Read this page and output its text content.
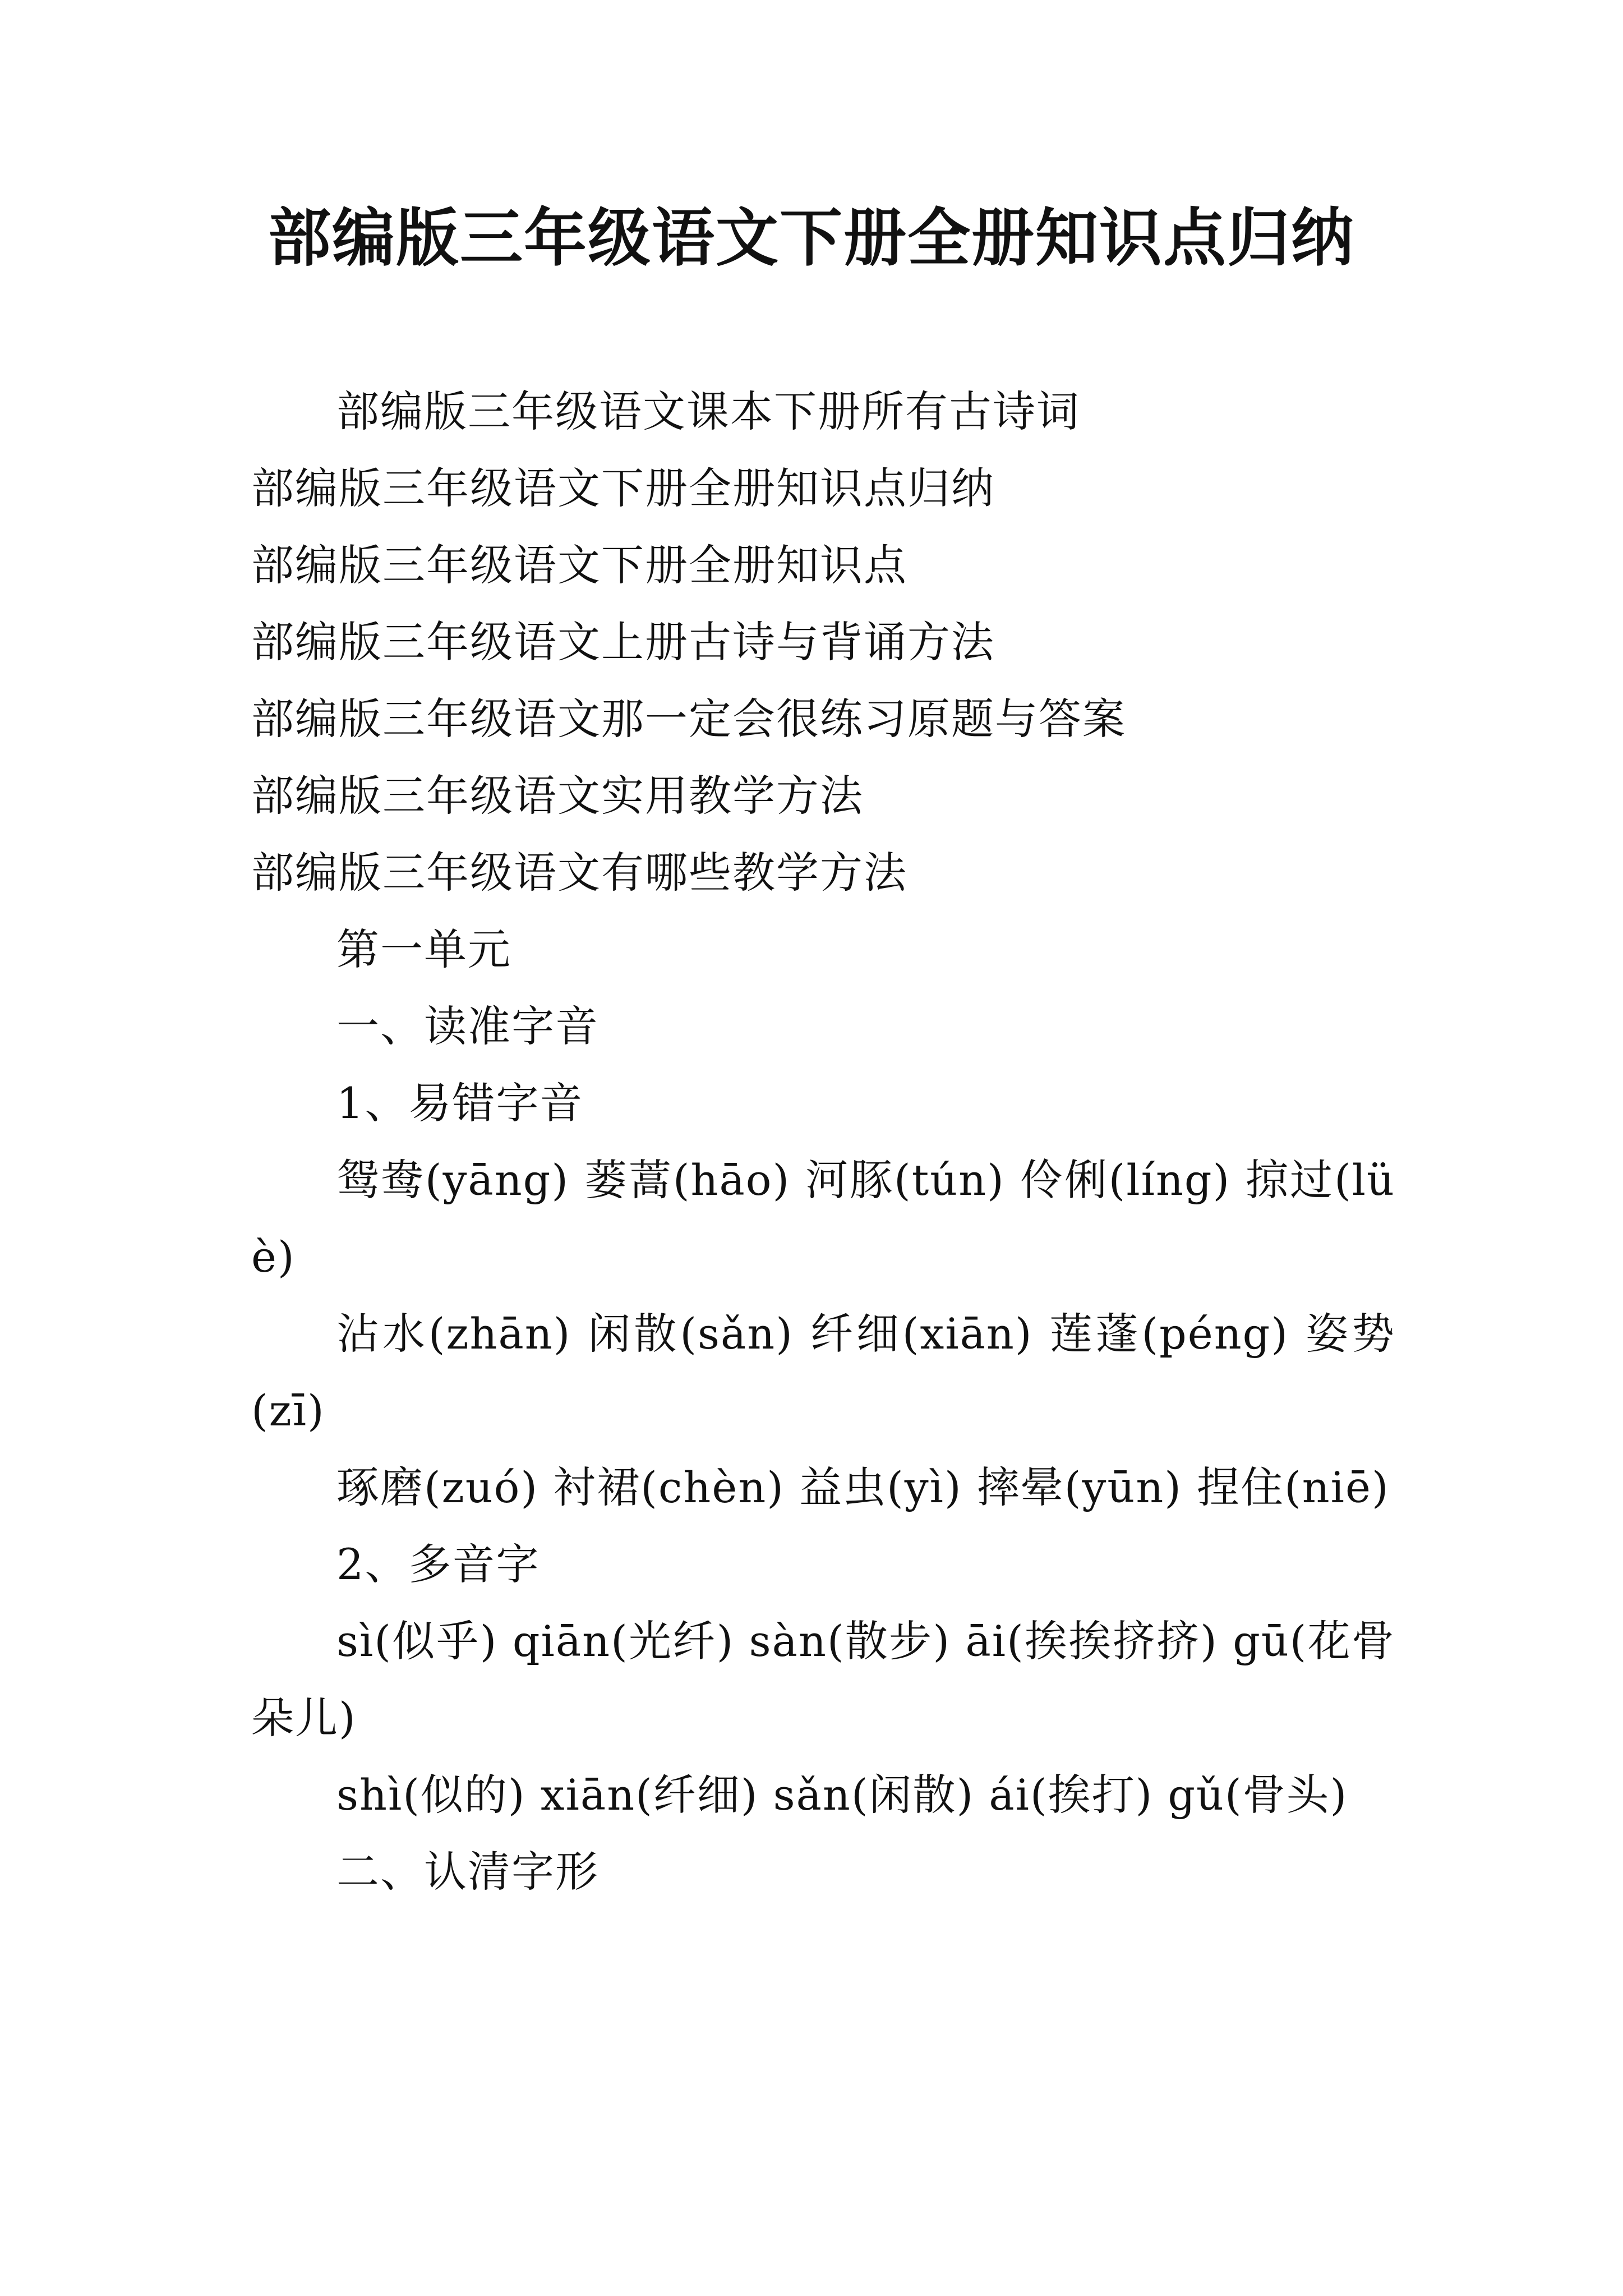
部编版三年级语文下册全册知识点归纳

部编版三年级语文课本下册所有古诗词

部编版三年级语文下册全册知识点归纳

部编版三年级语文下册全册知识点

部编版三年级语文上册古诗与背诵方法

部编版三年级语文那一定会很练习原题与答案

部编版三年级语文实用教学方法

部编版三年级语文有哪些教学方法

第一单元

一、读准字音

1、易错字音

鸳鸯(yāng) 蒌蒿(hāo) 河豚(tún) 伶俐(líng) 掠过(lüè)

沾水(zhān) 闲散(sǎn) 纤细(xiān) 莲蓬(péng) 姿势(zī)

琢磨(zuó) 衬裙(chèn) 益虫(yì) 摔晕(yūn) 捏住(niē)

2、多音字

sì(似乎) qiān(光纤) sàn(散步) āi(挨挨挤挤) gū(花骨朵儿)

shì(似的) xiān(纤细) sǎn(闲散) ái(挨打) gǔ(骨头)

二、认清字形
